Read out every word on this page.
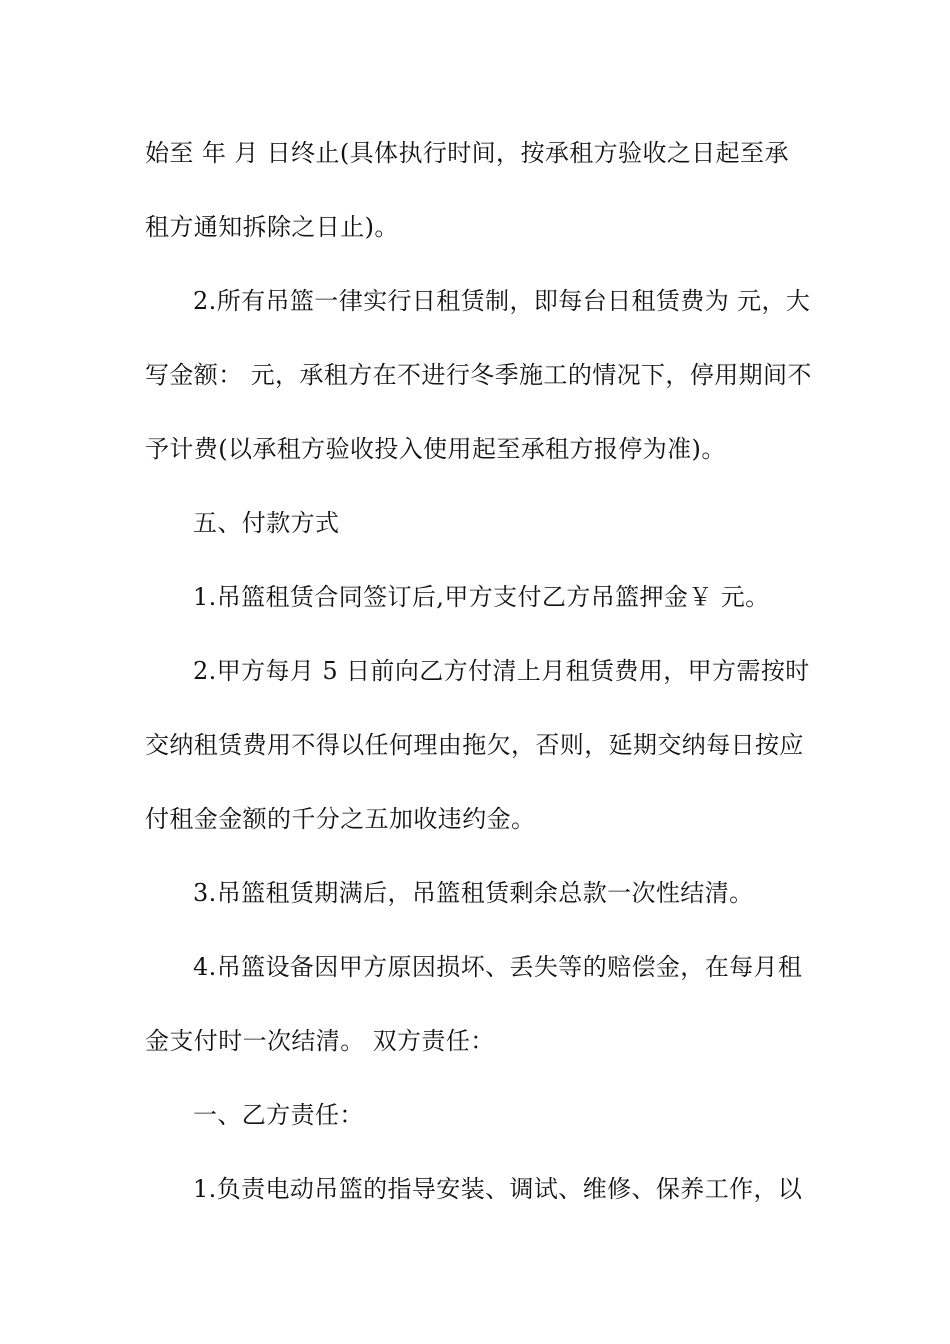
始至 年 月 日终止(具体执行时间，按承租方验收之日起至承
租方通知拆除之日止)。
2.所有吊篮一律实行日租赁制，即每台日租赁费为 元，大
写金额： 元，承租方在不进行冬季施工的情况下，停用期间不
予计费(以承租方验收投入使用起至承租方报停为准)。
五、付款方式
1.吊篮租赁合同签订后,甲方支付乙方吊篮押金￥ 元。
2.甲方每月 5 日前向乙方付清上月租赁费用，甲方需按时
交纳租赁费用不得以任何理由拖欠，否则，延期交纳每日按应
付租金金额的千分之五加收违约金。
3.吊篮租赁期满后，吊篮租赁剩余总款一次性结清。
4.吊篮设备因甲方原因损坏、丢失等的赔偿金，在每月租
金支付时一次结清。 双方责任：
一、乙方责任：
1.负责电动吊篮的指导安装、调试、维修、保养工作，以
